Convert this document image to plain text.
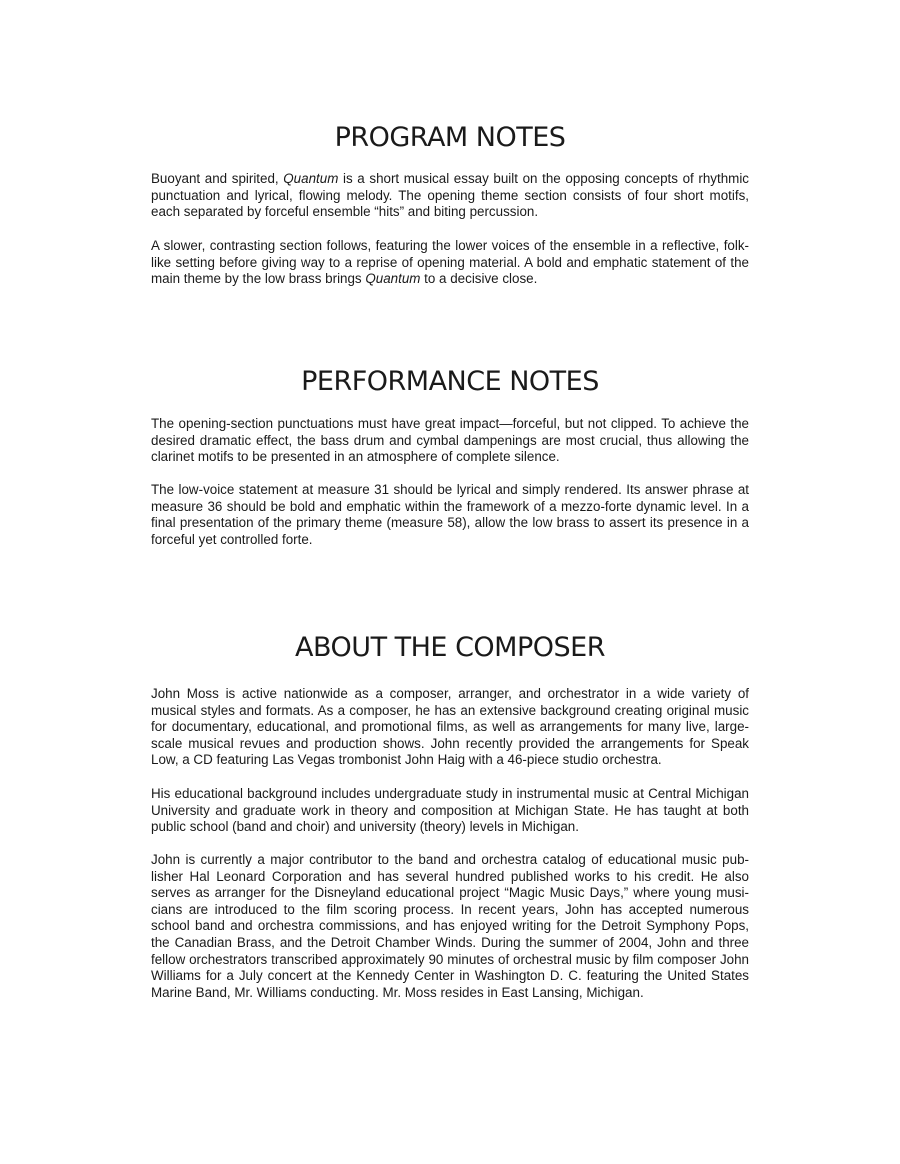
PROGRAM NOTES

Buoyant and spirited, Quantum is a short musical essay built on the opposing concepts of rhythmic punctuation and lyrical, flowing melody. The opening theme section consists of four short motifs, each separated by forceful ensemble “hits” and biting percussion.

A slower, contrasting section follows, featuring the lower voices of the ensemble in a reflective, folk-like setting before giving way to a reprise of opening material. A bold and emphatic statement of the main theme by the low brass brings Quantum to a decisive close.

PERFORMANCE NOTES

The opening-section punctuations must have great impact—forceful, but not clipped. To achieve the desired dramatic effect, the bass drum and cymbal dampenings are most crucial, thus allowing the clarinet motifs to be presented in an atmosphere of complete silence.

The low-voice statement at measure 31 should be lyrical and simply rendered. Its answer phrase at measure 36 should be bold and emphatic within the framework of a mezzo-forte dynamic level. In a final presentation of the primary theme (measure 58), allow the low brass to assert its presence in a forceful yet controlled forte.

ABOUT THE COMPOSER

John Moss is active nationwide as a composer, arranger, and orchestrator in a wide variety of musical styles and formats. As a composer, he has an extensive background creating original music for documentary, educational, and promotional films, as well as arrangements for many live, large-scale musical revues and production shows. John recently provided the arrangements for Speak Low, a CD featuring Las Vegas trombonist John Haig with a 46-piece studio orchestra.

His educational background includes undergraduate study in instrumental music at Central Michigan University and graduate work in theory and composition at Michigan State. He has taught at both public school (band and choir) and university (theory) levels in Michigan.

John is currently a major contributor to the band and orchestra catalog of educational music publisher Hal Leonard Corporation and has several hundred published works to his credit. He also serves as arranger for the Disneyland educational project “Magic Music Days,” where young musicians are introduced to the film scoring process. In recent years, John has accepted numerous school band and orchestra commissions, and has enjoyed writing for the Detroit Symphony Pops, the Canadian Brass, and the Detroit Chamber Winds. During the summer of 2004, John and three fellow orchestrators transcribed approximately 90 minutes of orchestral music by film composer John Williams for a July concert at the Kennedy Center in Washington D. C. featuring the United States Marine Band, Mr. Williams conducting. Mr. Moss resides in East Lansing, Michigan.
